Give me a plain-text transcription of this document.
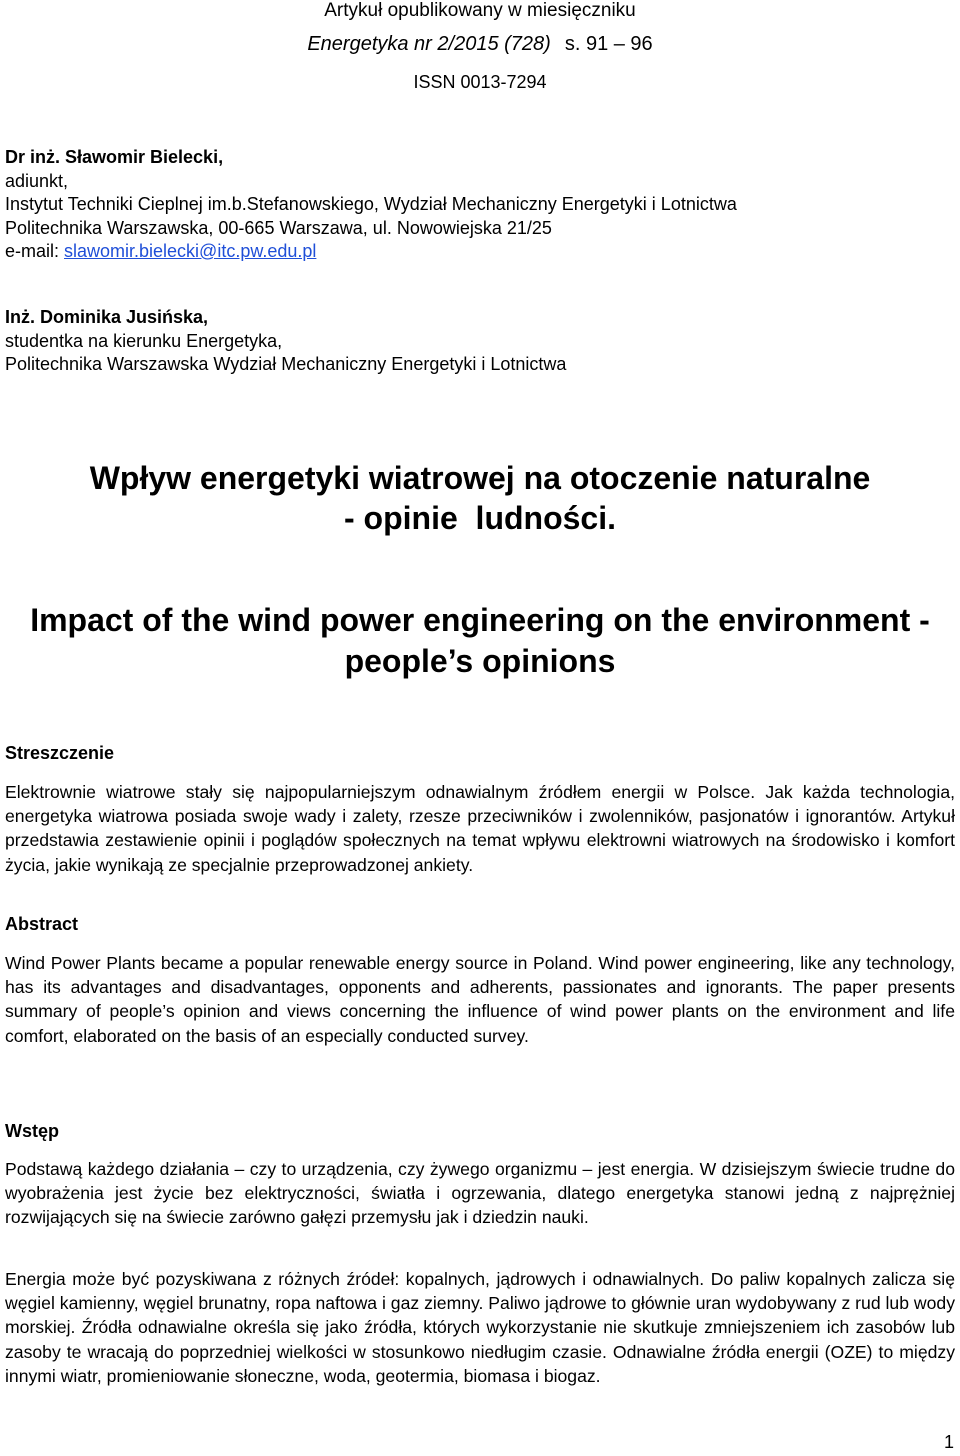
Artykuł opublikowany w miesięczniku
Energetyka nr 2/2015 (728) s. 91 – 96
ISSN 0013-7294
Dr inż. Sławomir Bielecki,
adiunkt,
Instytut Techniki Cieplnej im.b.Stefanowskiego, Wydział Mechaniczny Energetyki i Lotnictwa
Politechnika Warszawska, 00-665 Warszawa, ul. Nowowiejska 21/25
e-mail: slawomir.bielecki@itc.pw.edu.pl
Inż. Dominika Jusińska,
studentka na kierunku Energetyka,
Politechnika Warszawska Wydział Mechaniczny Energetyki i Lotnictwa
Wpływ energetyki wiatrowej na otoczenie naturalne
- opinie  ludności.
Impact of the wind power engineering on the environment -
people’s opinions
Streszczenie
Elektrownie wiatrowe stały się najpopularniejszym odnawialnym źródłem energii w Polsce. Jak każda technologia, energetyka wiatrowa posiada swoje wady i zalety, rzesze przeciwników i zwolenników, pasjonatów i ignorantów. Artykuł przedstawia zestawienie opinii i poglądów społecznych na temat wpływu elektrowni wiatrowych na środowisko i komfort życia, jakie wynikają ze specjalnie przeprowadzonej ankiety.
Abstract
Wind Power Plants became a popular renewable energy source in Poland. Wind power engineering, like any technology, has its advantages and disadvantages, opponents and adherents, passionates and ignorants. The paper presents summary of people’s opinion and views concerning the influence of wind power plants on the environment and life comfort, elaborated on the basis of an especially conducted survey.
Wstęp
Podstawą każdego działania – czy to urządzenia, czy żywego organizmu – jest energia. W dzisiejszym świecie trudne do wyobrażenia jest życie bez elektryczności, światła i ogrzewania, dlatego energetyka stanowi jedną z najprężniej rozwijających się na świecie zarówno gałęzi przemysłu jak i dziedzin nauki.
Energia może być pozyskiwana z różnych źródeł: kopalnych, jądrowych i odnawialnych. Do paliw kopalnych zalicza się węgiel kamienny, węgiel brunatny, ropa naftowa i gaz ziemny. Paliwo jądrowe to głównie uran wydobywany z rud lub wody morskiej. Źródła odnawialne określa się jako źródła, których wykorzystanie nie skutkuje zmniejszeniem ich zasobów lub zasoby te wracają do poprzedniej wielkości w stosunkowo niedługim czasie. Odnawialne źródła energii (OZE) to między innymi wiatr, promieniowanie słoneczne, woda, geotermia, biomasa i biogaz.
1
